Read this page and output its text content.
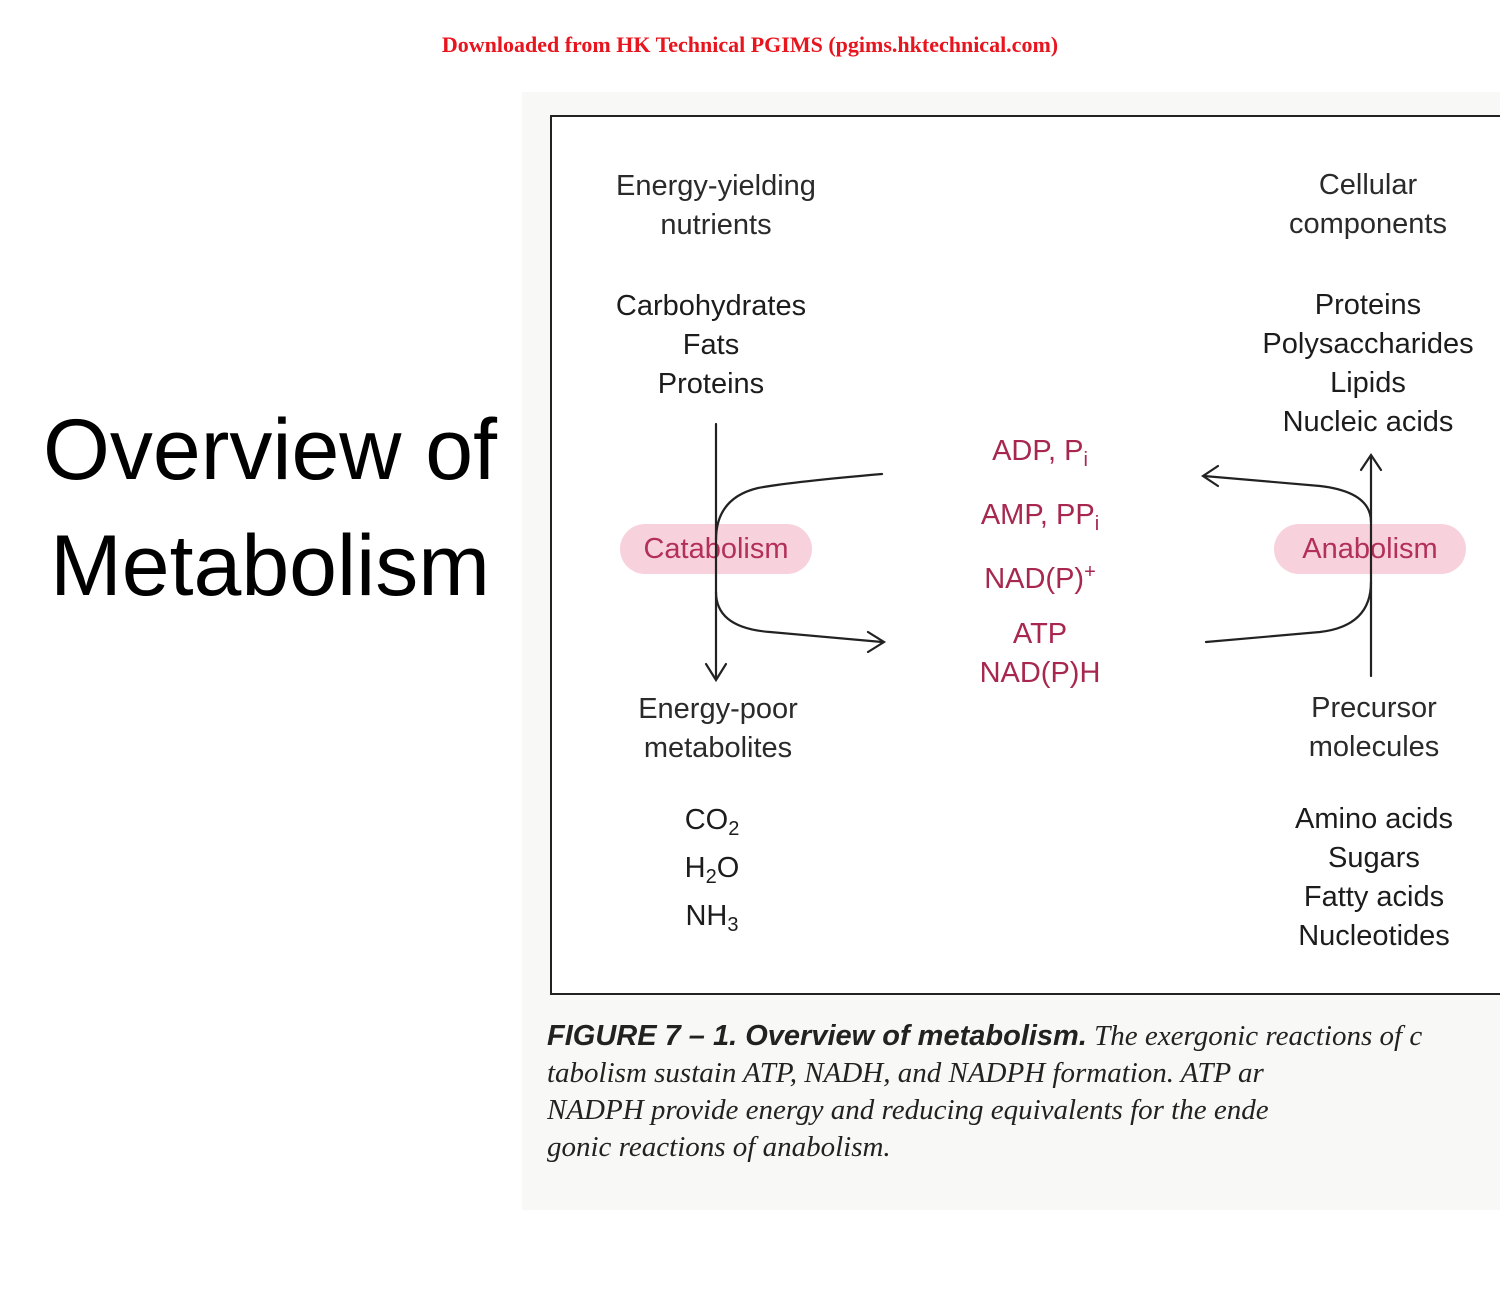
Downloaded from HK Technical PGIMS (pgims.hktechnical.com)
Overview of
Metabolism
Energy-yielding
nutrients
Carbohydrates
Fats
Proteins
Catabolism
Energy-poor
metabolites
$CO_2$
$H_2O$
$NH_3$
ADP, $P_i$
AMP, $PP_i$
NAD(P)+
ATP
NAD(P)H
Cellular
components
Proteins
Polysaccharides
Lipids
Nucleic acids
Anabolism
Precursor
molecules
Amino acids
Sugars
Fatty acids
Nucleotides
FIGURE 7 – 1. Overview of metabolism. The exergonic reactions of c
tabolism sustain ATP, NADH, and NADPH formation. ATP ar
NADPH provide energy and reducing equivalents for the ende
gonic reactions of anabolism.
